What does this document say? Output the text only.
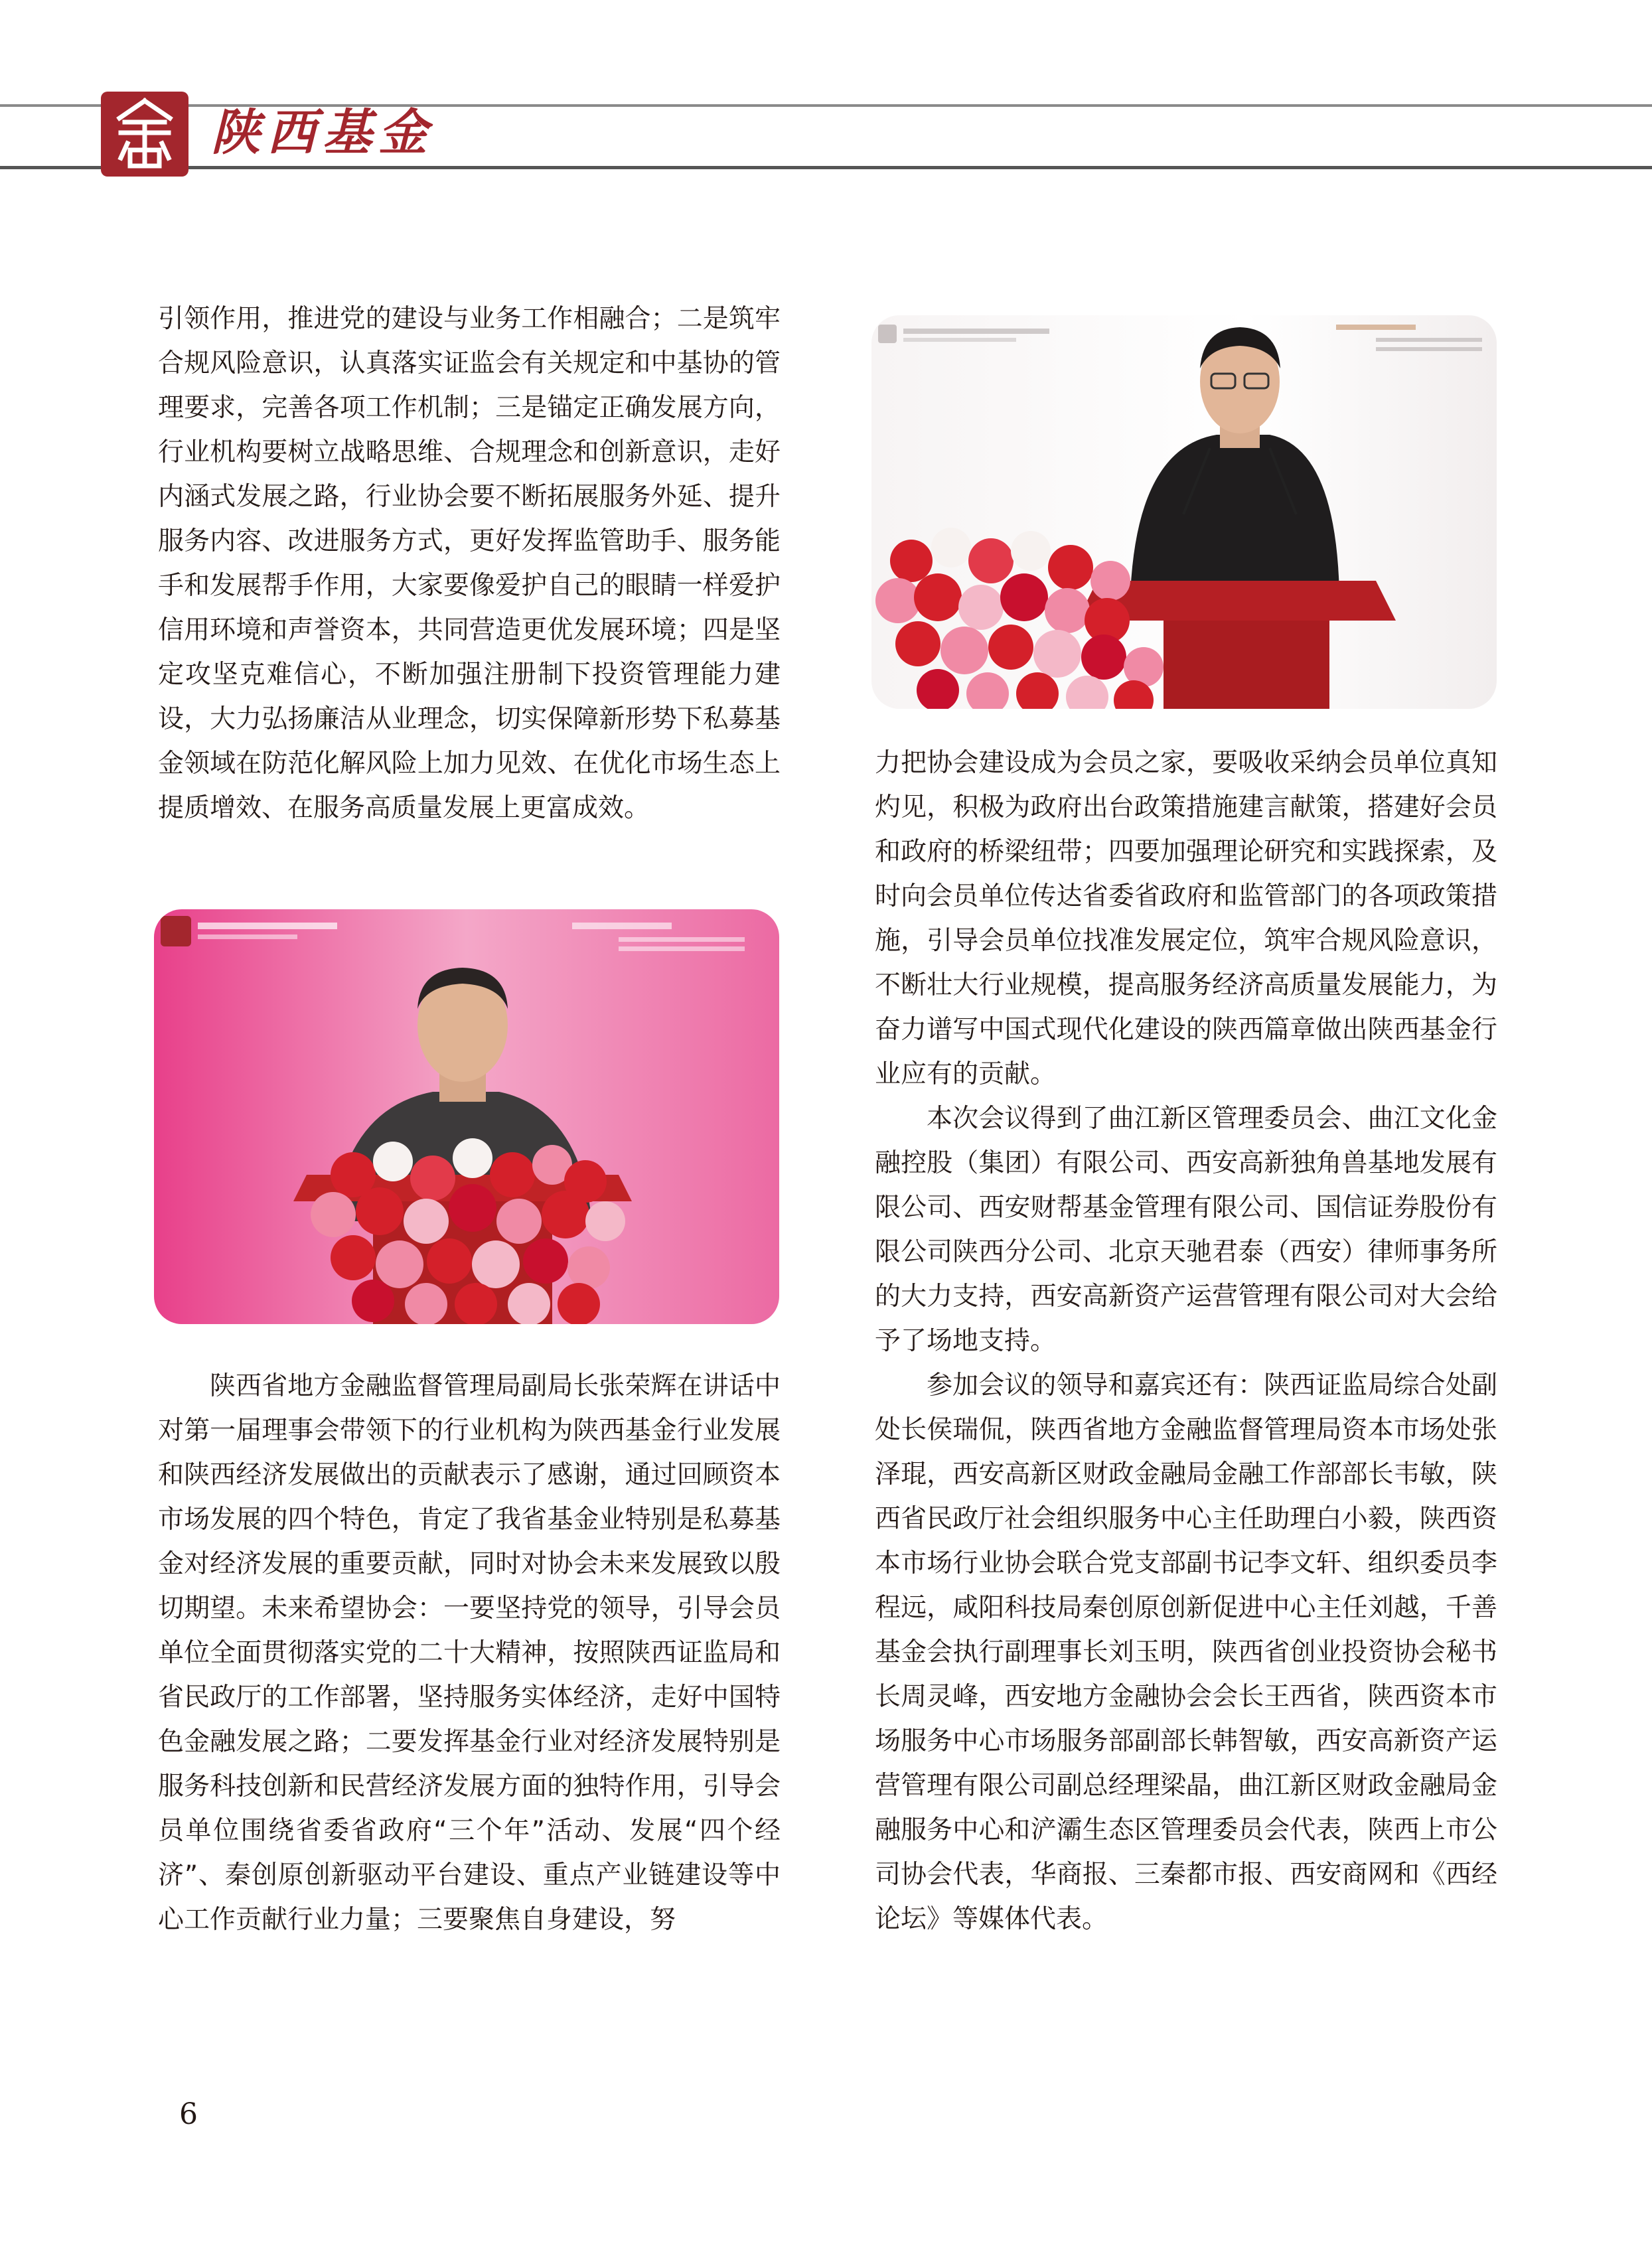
陕西基金

引领作用，推进党的建设与业务工作相融合；二是筑牢合规风险意识，认真落实证监会有关规定和中基协的管理要求，完善各项工作机制；三是锚定正确发展方向，行业机构要树立战略思维、合规理念和创新意识，走好内涵式发展之路，行业协会要不断拓展服务外延、提升服务内容、改进服务方式，更好发挥监管助手、服务能手和发展帮手作用，大家要像爱护自己的眼睛一样爱护信用环境和声誉资本，共同营造更优发展环境；四是坚定攻坚克难信心，不断加强注册制下投资管理能力建设，大力弘扬廉洁从业理念，切实保障新形势下私募基金领域在防范化解风险上加力见效、在优化市场生态上提质增效、在服务高质量发展上更富成效。

陕西省地方金融监督管理局副局长张荣辉在讲话中对第一届理事会带领下的行业机构为陕西基金行业发展和陕西经济发展做出的贡献表示了感谢，通过回顾资本市场发展的四个特色，肯定了我省基金业特别是私募基金对经济发展的重要贡献，同时对协会未来发展致以殷切期望。未来希望协会：一要坚持党的领导，引导会员单位全面贯彻落实党的二十大精神，按照陕西证监局和省民政厅的工作部署，坚持服务实体经济，走好中国特色金融发展之路；二要发挥基金行业对经济发展特别是服务科技创新和民营经济发展方面的独特作用，引导会员单位围绕省委省政府“三个年”活动、发展“四个经济”、秦创原创新驱动平台建设、重点产业链建设等中心工作贡献行业力量；三要聚焦自身建设，努

力把协会建设成为会员之家，要吸收采纳会员单位真知灼见，积极为政府出台政策措施建言献策，搭建好会员和政府的桥梁纽带；四要加强理论研究和实践探索，及时向会员单位传达省委省政府和监管部门的各项政策措施，引导会员单位找准发展定位，筑牢合规风险意识，不断壮大行业规模，提高服务经济高质量发展能力，为奋力谱写中国式现代化建设的陕西篇章做出陕西基金行业应有的贡献。

本次会议得到了曲江新区管理委员会、曲江文化金融控股（集团）有限公司、西安高新独角兽基地发展有限公司、西安财帮基金管理有限公司、国信证券股份有限公司陕西分公司、北京天驰君泰（西安）律师事务所的大力支持，西安高新资产运营管理有限公司对大会给予了场地支持。

参加会议的领导和嘉宾还有：陕西证监局综合处副处长侯瑞侃，陕西省地方金融监督管理局资本市场处张泽琨，西安高新区财政金融局金融工作部部长韦敏，陕西省民政厅社会组织服务中心主任助理白小毅，陕西资本市场行业协会联合党支部副书记李文轩、组织委员李程远，咸阳科技局秦创原创新促进中心主任刘越，千善基金会执行副理事长刘玉明，陕西省创业投资协会秘书长周灵峰，西安地方金融协会会长王西省，陕西资本市场服务中心市场服务部副部长韩智敏，西安高新资产运营管理有限公司副总经理梁晶，曲江新区财政金融局金融服务中心和浐灞生态区管理委员会代表，陕西上市公司协会代表，华商报、三秦都市报、西安商网和《西经论坛》等媒体代表。

6
